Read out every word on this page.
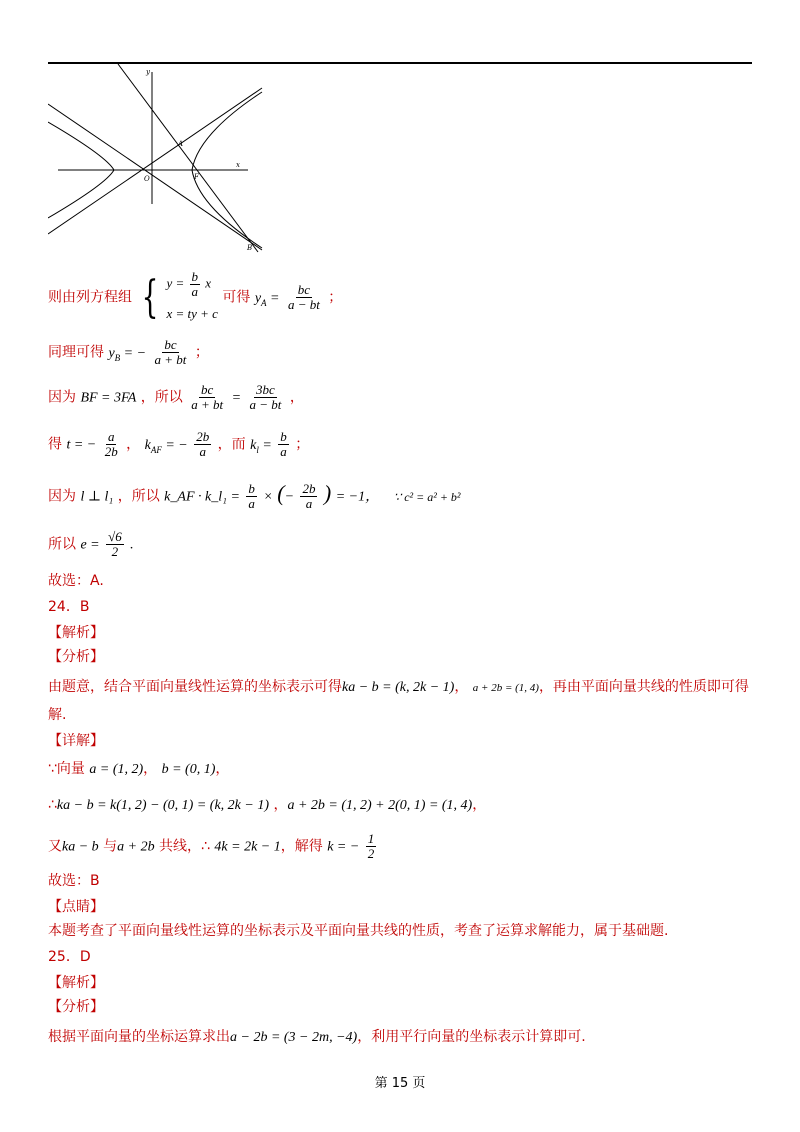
y
x
A
O	F
B
则由列方程组 { $y = \frac{b}{a}$ x
x = ty + c
可得 $y_A = \frac{bc}{a - bt}$ ；
同理可得 $y_B$ = − $\frac{bc}{a + bt}$ ；
因为 BF = 3FA ，所以 $\frac{bc}{a + bt} = \frac{3bc}{a - bt}$ ，
得 t = − $\frac{a}{2b}$ ， $k_{AF}$ = − $\frac{2b}{a}$ ，而 $k_l = \frac{b}{a}$ ；
因为 l ⊥ l₁ ，所以 k_AF · k_l₁ = $\frac{b}{a}$ × (− $\frac{2b}{a}$ ) = −1， ∵ c² = a² + b²
所以 $e = \frac{√6}{2}$ .
故选：A.
24．B
【解析】
【分析】
由题意，结合平面向量线性运算的坐标表示可得ka − b = (k, 2k − 1)， a + 2b = (1, 4)，再由平面向量共线的性质即可得
解.
【详解】
∵向量 a = (1, 2)， b = (0, 1)，
∴ka − b = k(1, 2) − (0, 1) = (k, 2k − 1) ，a + 2b = (1, 2) + 2(0, 1) = (1, 4)，
又ka − b 与a + 2b 共线，∴ 4k = 2k − 1，解得 k = − $\frac{1}{2}$
故选：B
【点睛】
本题考查了平面向量线性运算的坐标表示及平面向量共线的性质，考查了运算求解能力，属于基础题.
25．D
【解析】
【分析】
根据平面向量的坐标运算求出a − 2b = (3 − 2m, −4)，利用平行向量的坐标表示计算即可.
第 15 页
